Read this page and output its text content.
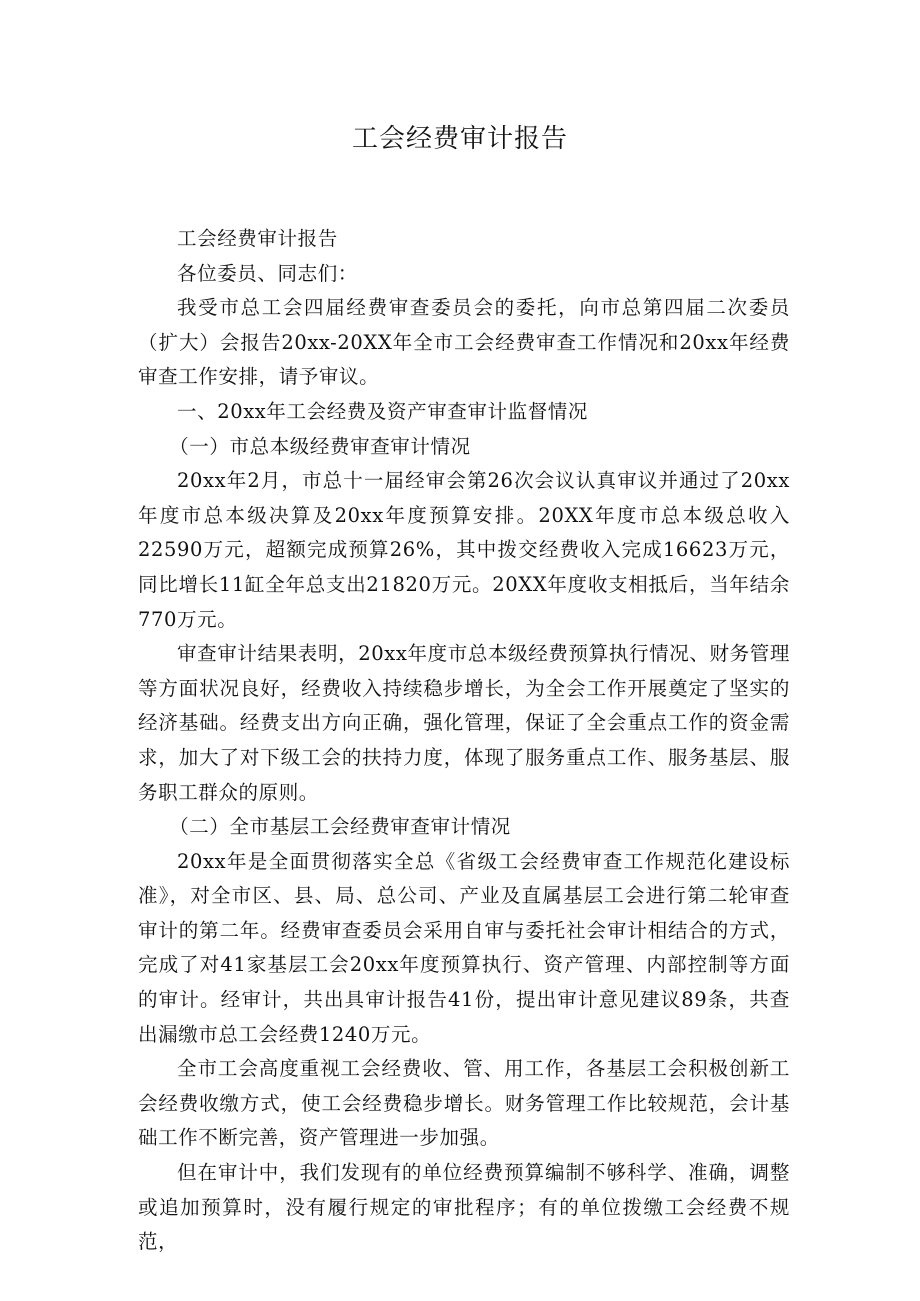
工会经费审计报告

工会经费审计报告

各位委员、同志们：

我受市总工会四届经费审查委员会的委托，向市总第四届二次委员（扩大）会报告20xx-20XX年全市工会经费审查工作情况和20xx年经费审查工作安排，请予审议。

一、20xx年工会经费及资产审查审计监督情况

（一）市总本级经费审查审计情况

20xx年2月，市总十一届经审会第26次会议认真审议并通过了20xx年度市总本级决算及20xx年度预算安排。20XX年度市总本级总收入22590万元，超额完成预算26%，其中拨交经费收入完成16623万元，同比增长11缸全年总支出21820万元。20XX年度收支相抵后，当年结余770万元。

审查审计结果表明，20xx年度市总本级经费预算执行情况、财务管理等方面状况良好，经费收入持续稳步增长，为全会工作开展奠定了坚实的经济基础。经费支出方向正确，强化管理，保证了全会重点工作的资金需求，加大了对下级工会的扶持力度，体现了服务重点工作、服务基层、服务职工群众的原则。

（二）全市基层工会经费审查审计情况

20xx年是全面贯彻落实全总《省级工会经费审查工作规范化建设标准》，对全市区、县、局、总公司、产业及直属基层工会进行第二轮审查审计的第二年。经费审查委员会采用自审与委托社会审计相结合的方式，完成了对41家基层工会20xx年度预算执行、资产管理、内部控制等方面的审计。经审计，共出具审计报告41份，提出审计意见建议89条，共查出漏缴市总工会经费1240万元。

全市工会高度重视工会经费收、管、用工作，各基层工会积极创新工会经费收缴方式，使工会经费稳步增长。财务管理工作比较规范，会计基础工作不断完善，资产管理进一步加强。

但在审计中，我们发现有的单位经费预算编制不够科学、准确，调整或追加预算时，没有履行规定的审批程序；有的单位拨缴工会经费不规范，
